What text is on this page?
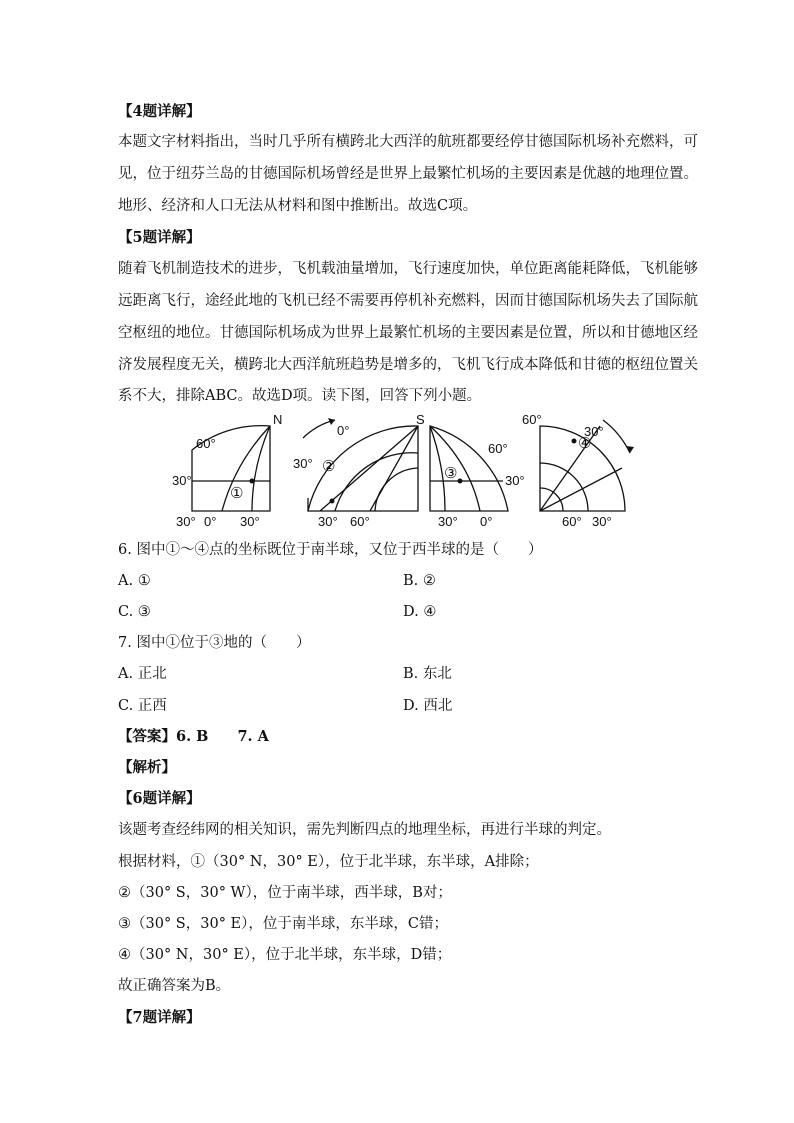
【4题详解】

本题文字材料指出，当时几乎所有横跨北大西洋的航班都要经停甘德国际机场补充燃料，可

见，位于纽芬兰岛的甘德国际机场曾经是世界上最繁忙机场的主要因素是优越的地理位置。

地形、经济和人口无法从材料和图中推断出。故选C项。

【5题详解】

随着飞机制造技术的进步，飞机载油量增加，飞行速度加快，单位距离能耗降低，飞机能够

远距离飞行，途经此地的飞机已经不需要再停机补充燃料，因而甘德国际机场失去了国际航

空枢纽的地位。甘德国际机场成为世界上最繁忙机场的主要因素是位置，所以和甘德地区经

济发展程度无关，横跨北大西洋航班趋势是增多的，飞机飞行成本降低和甘德的枢纽位置关

系不大，排除ABC。故选D项。读下图，回答下列小题。

N
60°
30°
30° 0° 30°
①
0°
30°
30° 60°
②
S
60°
30°
30° 0°
③
60°
30°
60° 30°
④

6. 图中①～④点的坐标既位于南半球，又位于西半球的是（　　）

A. ①	B. ②
C. ③	D. ④

7. 图中①位于③地的（　　）

A. 正北	B. 东北
C. 正西	D. 西北

【答案】6. B　　7. A

【解析】

【6题详解】

该题考查经纬网的相关知识，需先判断四点的地理坐标，再进行半球的判定。

根据材料，①（30° N，30° E），位于北半球，东半球，A排除；

②（30° S，30° W），位于南半球，西半球，B对；

③（30° S，30° E），位于南半球，东半球，C错；

④（30° N，30° E），位于北半球，东半球，D错；

故正确答案为B。

【7题详解】
